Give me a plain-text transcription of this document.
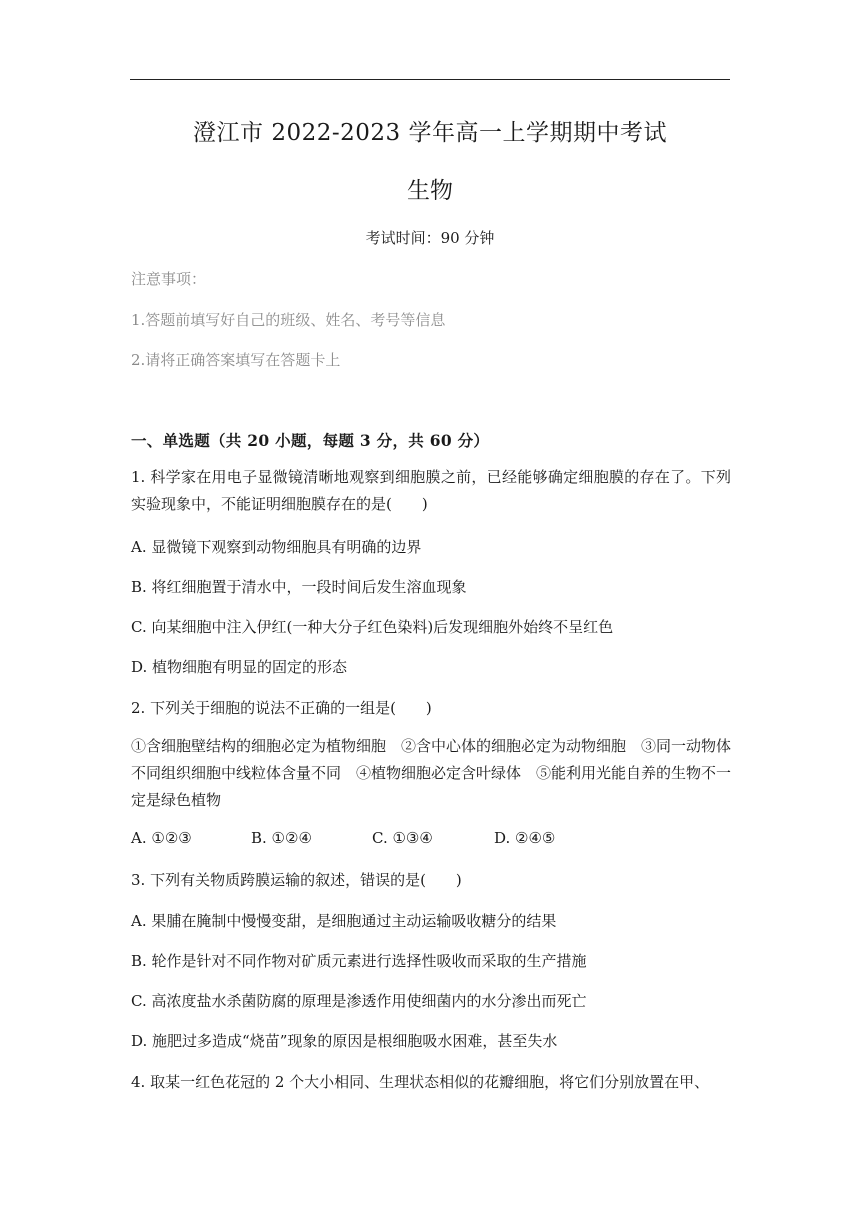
澄江市 2022-2023 学年高一上学期期中考试
生物
考试时间：90 分钟
注意事项：
1.答题前填写好自己的班级、姓名、考号等信息
2.请将正确答案填写在答题卡上
一、单选题（共 20 小题，每题 3 分，共 60 分）
1. 科学家在用电子显微镜清晰地观察到细胞膜之前，已经能够确定细胞膜的存在了。下列实验现象中，不能证明细胞膜存在的是(　　)
A. 显微镜下观察到动物细胞具有明确的边界
B. 将红细胞置于清水中，一段时间后发生溶血现象
C. 向某细胞中注入伊红(一种大分子红色染料)后发现细胞外始终不呈红色
D. 植物细胞有明显的固定的形态
2. 下列关于细胞的说法不正确的一组是(　　)
①含细胞壁结构的细胞必定为植物细胞　②含中心体的细胞必定为动物细胞　③同一动物体不同组织细胞中线粒体含量不同　④植物细胞必定含叶绿体　⑤能利用光能自养的生物不一定是绿色植物
A. ①②③	B. ①②④	C. ①③④	D. ②④⑤
3. 下列有关物质跨膜运输的叙述，错误的是(　　)
A. 果脯在腌制中慢慢变甜，是细胞通过主动运输吸收糖分的结果
B. 轮作是针对不同作物对矿质元素进行选择性吸收而采取的生产措施
C. 高浓度盐水杀菌防腐的原理是渗透作用使细菌内的水分渗出而死亡
D. 施肥过多造成“烧苗”现象的原因是根细胞吸水困难，甚至失水
4. 取某一红色花冠的 2 个大小相同、生理状态相似的花瓣细胞，将它们分别放置在甲、
